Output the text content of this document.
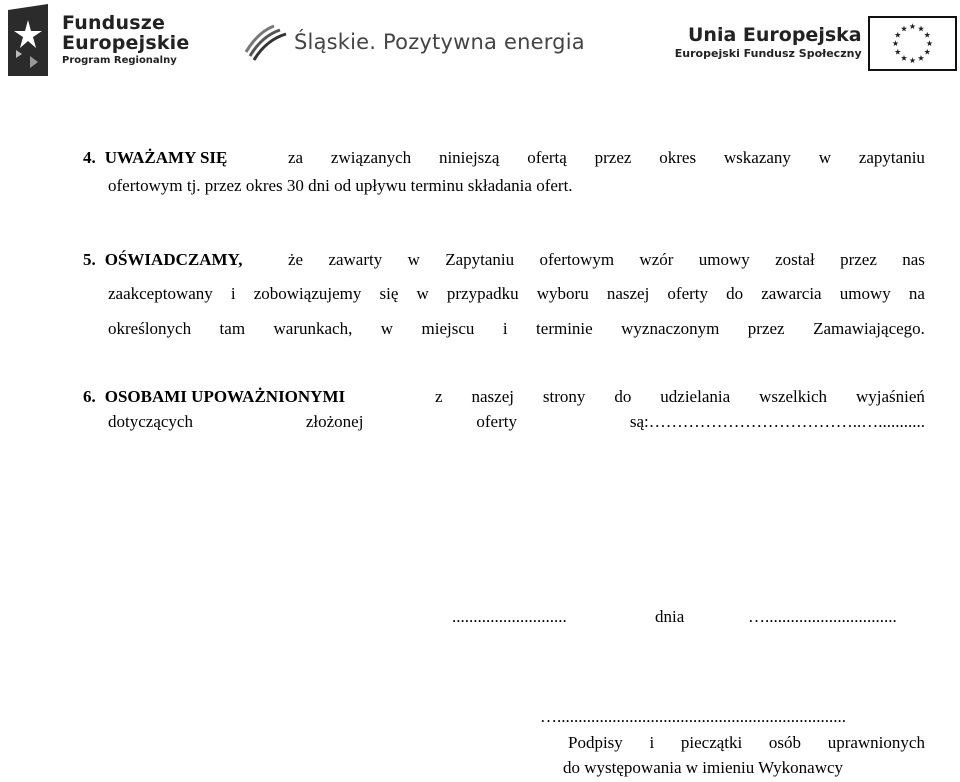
Fundusze
Europejskie
Program Regionalny
Śląskie. Pozytywna energia	Unia Europejska
Europejski Fundusz Społeczny
4. UWAŻAMY SIĘ	za związanych niniejszą ofertą przez okres wskazany w zapytaniu
ofertowym tj. przez okres 30 dni od upływu terminu składania ofert.
5. OŚWIADCZAMY,	że zawarty w Zapytaniu ofertowym wzór umowy został przez nas
zaakceptowany i zobowiązujemy się w przypadku wyboru naszej oferty do zawarcia umowy na
określonych tam warunkach, w miejscu i terminie wyznaczonym przez Zamawiającego.
6. OSOBAMI UPOWAŻNIONYMI	z naszej strony do udzielania wszelkich wyjaśnień
dotyczących	złożonej	oferty	są:………………………………..…...........
...........................	dnia	…...............................
…....................................................................
Podpisy i pieczątki osób uprawnionych
do występowania w imieniu Wykonawcy
